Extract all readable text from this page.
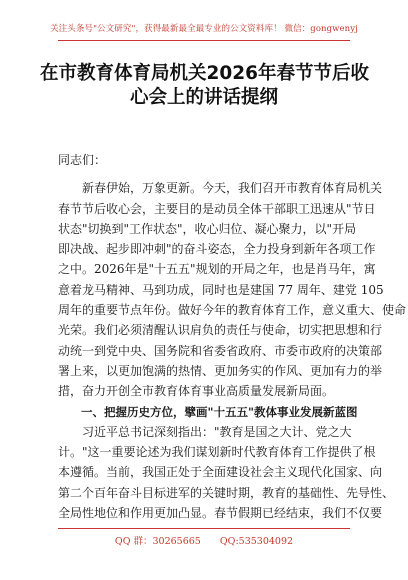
关注头条号"公文研究"，获得最新最全最专业的公文资料库！ 微信：gongwenyj
在市教育体育局机关2026年春节节后收
心会上的讲话提纲

同志们：

　　新春伊始，万象更新。今天，我们召开市教育体育局机关
春节节后收心会，主要目的是动员全体干部职工迅速从"节日
状态"切换到"工作状态"，收心归位、凝心聚力，以"开局
即决战、起步即冲刺"的奋斗姿态，全力投身到新年各项工作
之中。2026年是"十五五"规划的开局之年，也是肖马年，寓
意着龙马精神、马到功成，同时也是建国 77 周年、建党 105
周年的重要节点年份。做好今年的教育体育工作，意义重大、使命
光荣。我们必须清醒认识肩负的责任与使命，切实把思想和行
动统一到党中央、国务院和省委省政府、市委市政府的决策部
署上来，以更加饱满的热情、更加务实的作风、更加有力的举
措，奋力开创全市教育体育事业高质量发展新局面。

　　一、把握历史方位，擘画"十五五"教体事业发展新蓝图

　　习近平总书记深刻指出："教育是国之大计、党之大
计。"这一重要论述为我们谋划新时代教育体育工作提供了根
本遵循。当前，我国正处于全面建设社会主义现代化国家、向
第二个百年奋斗目标进军的关键时期，教育的基础性、先导性、
全局性地位和作用更加凸显。春节假期已经结束，我们不仅要

QQ 群：30265665 QQ:535304092
